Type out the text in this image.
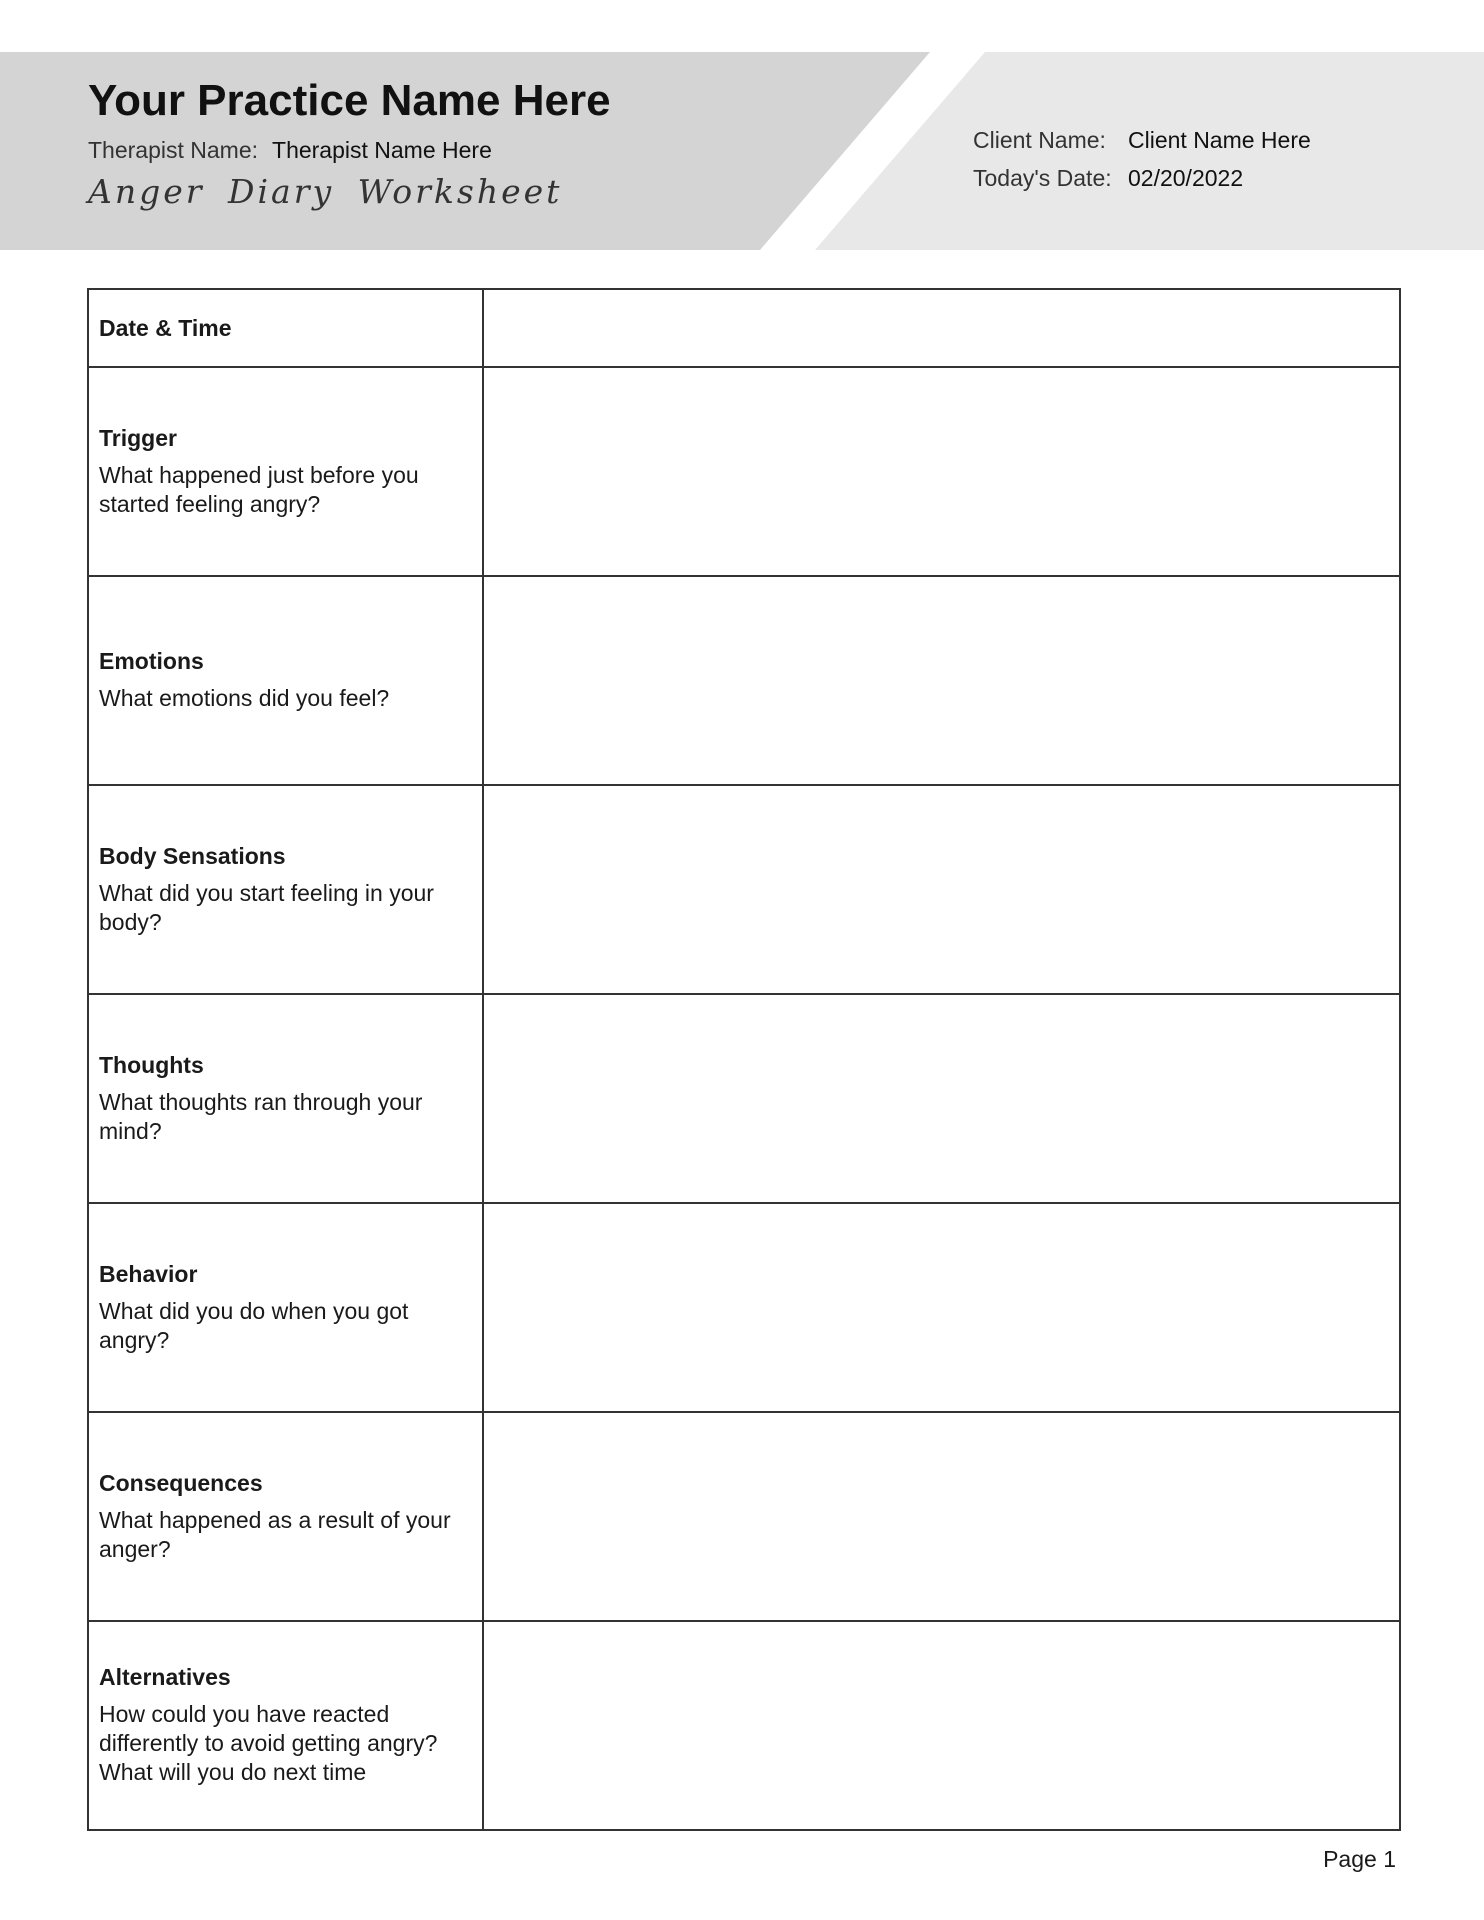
Your Practice Name Here
Therapist Name: Therapist Name Here
Anger Diary Worksheet
Client Name: Client Name Here
Today's Date: 02/20/2022
Date & Time	

Trigger
What happened just before you started feeling angry?	

Emotions
What emotions did you feel?	

Body Sensations
What did you start feeling in your body?	

Thoughts
What thoughts ran through your mind?	

Behavior
What did you do when you got angry?	

Consequences
What happened as a result of your anger?	

Alternatives
How could you have reacted differently to avoid getting angry? What will you do next time	

Page 1
